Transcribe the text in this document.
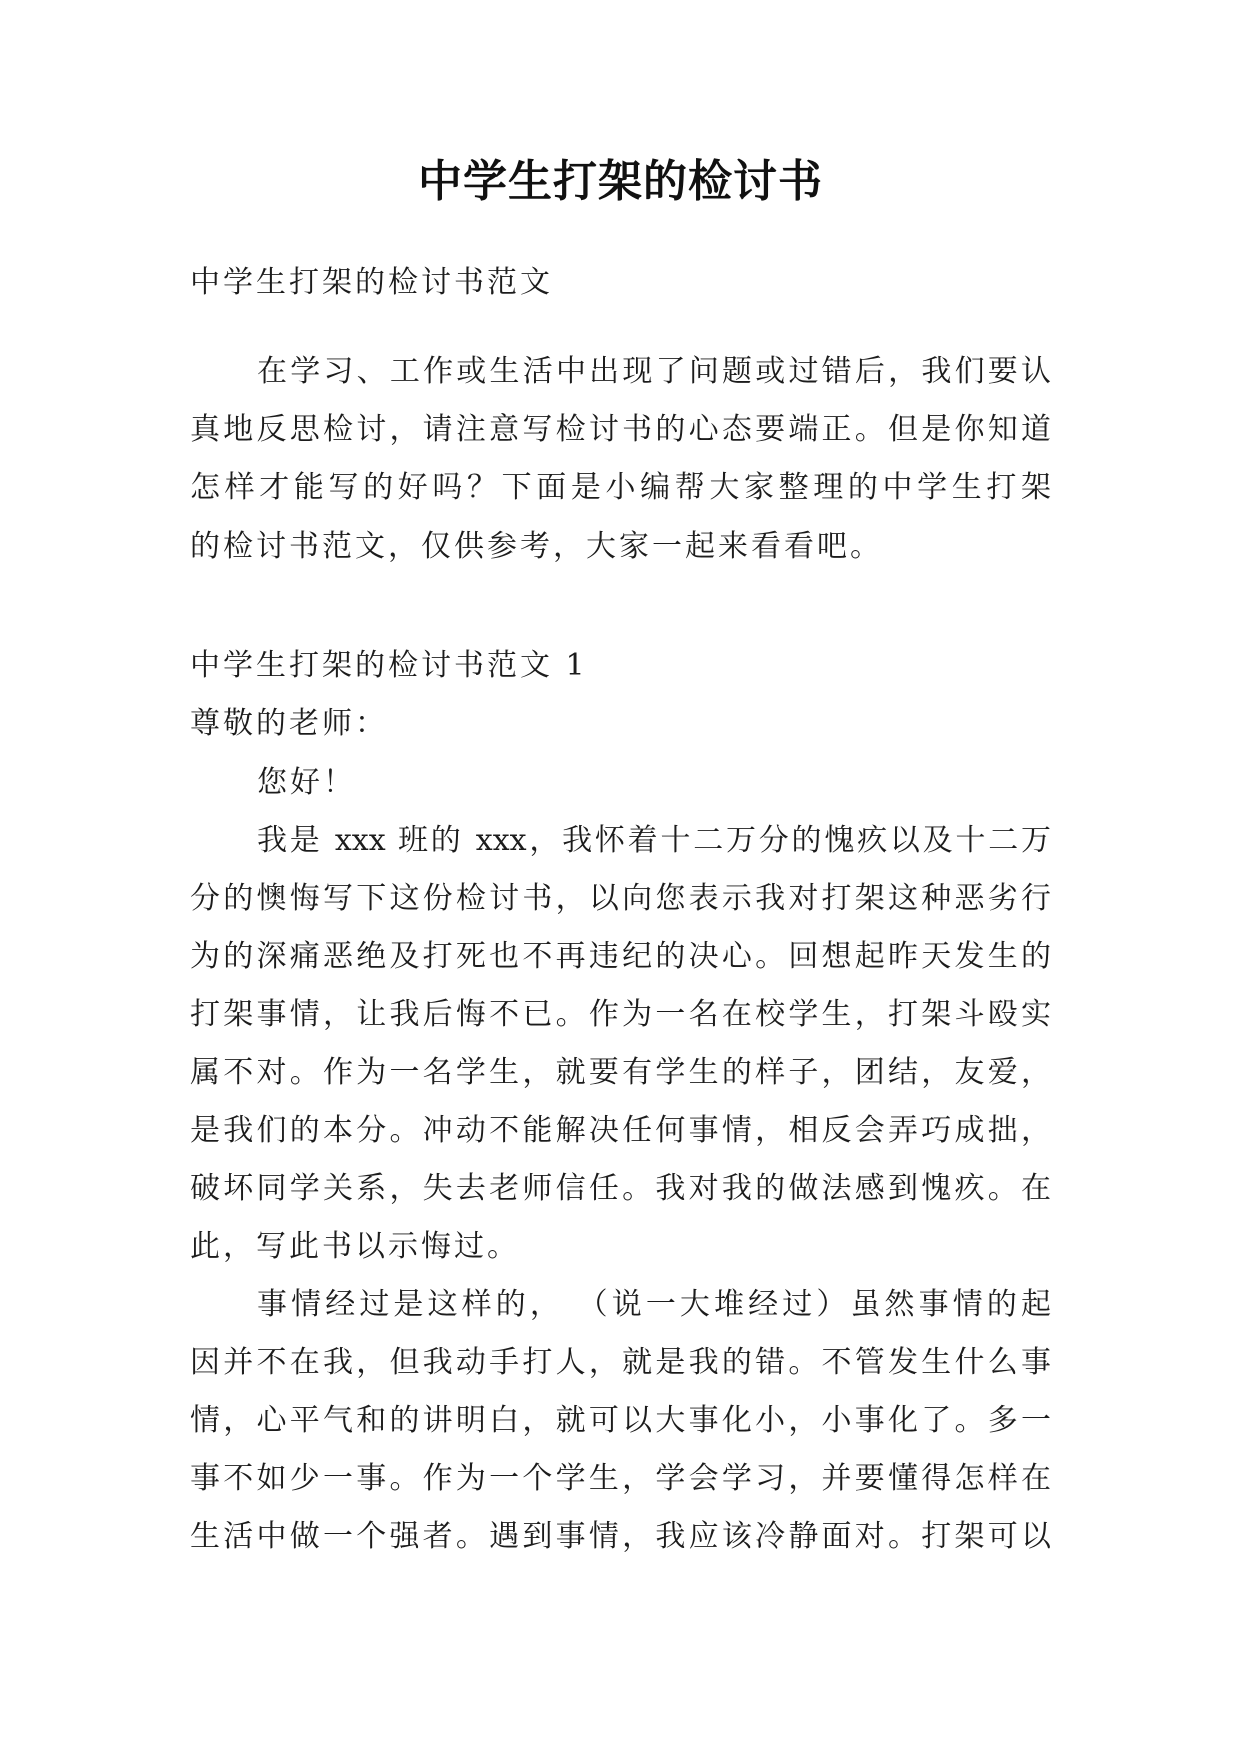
中学生打架的检讨书
中学生打架的检讨书范文
在学习、工作或生活中出现了问题或过错后，我们要认
真地反思检讨，请注意写检讨书的心态要端正。但是你知道
怎样才能写的好吗？下面是小编帮大家整理的中学生打架
的检讨书范文，仅供参考，大家一起来看看吧。
中学生打架的检讨书范文 1
尊敬的老师：
您好！
我是 xxx 班的 xxx，我怀着十二万分的愧疚以及十二万
分的懊悔写下这份检讨书，以向您表示我对打架这种恶劣行
为的深痛恶绝及打死也不再违纪的决心。回想起昨天发生的
打架事情，让我后悔不已。作为一名在校学生，打架斗殴实
属不对。作为一名学生，就要有学生的样子，团结，友爱，
是我们的本分。冲动不能解决任何事情，相反会弄巧成拙，
破坏同学关系，失去老师信任。我对我的做法感到愧疚。在
此，写此书以示悔过。
事情经过是这样的， （说一大堆经过）虽然事情的起
因并不在我，但我动手打人，就是我的错。不管发生什么事
情，心平气和的讲明白，就可以大事化小，小事化了。多一
事不如少一事。作为一个学生，学会学习，并要懂得怎样在
生活中做一个强者。遇到事情，我应该冷静面对。打架可以
